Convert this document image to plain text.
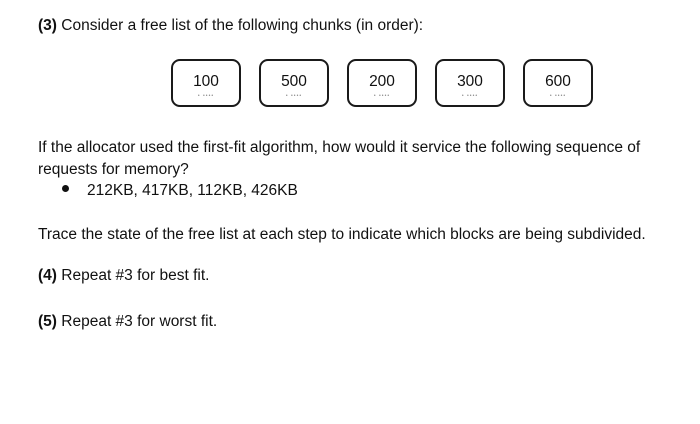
(3) Consider a free list of the following chunks (in order):
100
• ••••
500
• ••••
200
• ••••
300
• ••••
600
• ••••
If the allocator used the first-fit algorithm, how would it service the following sequence of
requests for memory?
212KB, 417KB, 112KB, 426KB
Trace the state of the free list at each step to indicate which blocks are being subdivided.
(4) Repeat #3 for best fit.
(5) Repeat #3 for worst fit.
